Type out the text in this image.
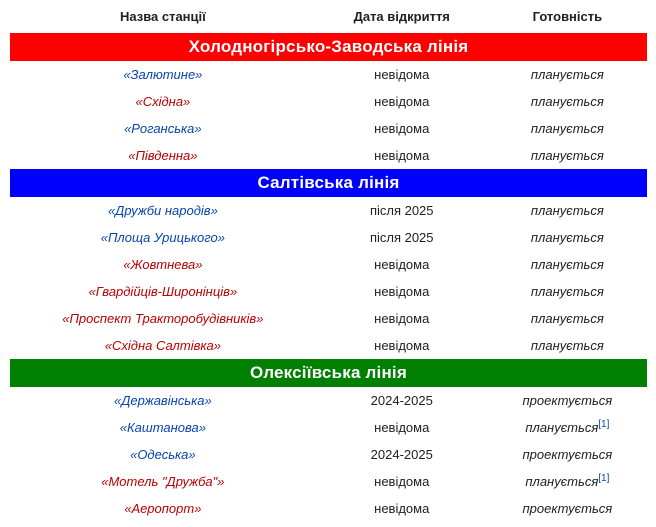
Назва станції	Дата відкриття	Готовність
Холодногірсько-Заводська лінія		
«Залютине»	невідома	планується
«Східна»	невідома	планується
«Роганська»	невідома	планується
«Південна»	невідома	планується
Салтівська лінія		
«Дружби народів»	після 2025	планується
«Площа Урицького»	після 2025	планується
«Жовтнева»	невідома	планується
«Гвардійців-Широнінців»	невідома	планується
«Проспект Тракторобудівників»	невідома	планується
«Східна Салтівка»	невідома	планується
Олексіївська лінія		
«Державінська»	2024-2025	проектується
«Каштанова»	невідома	планується[1]
«Одеська»	2024-2025	проектується
«Мотель "Дружба"»	невідома	планується[1]
«Аеропорт»	невідома	проектується
